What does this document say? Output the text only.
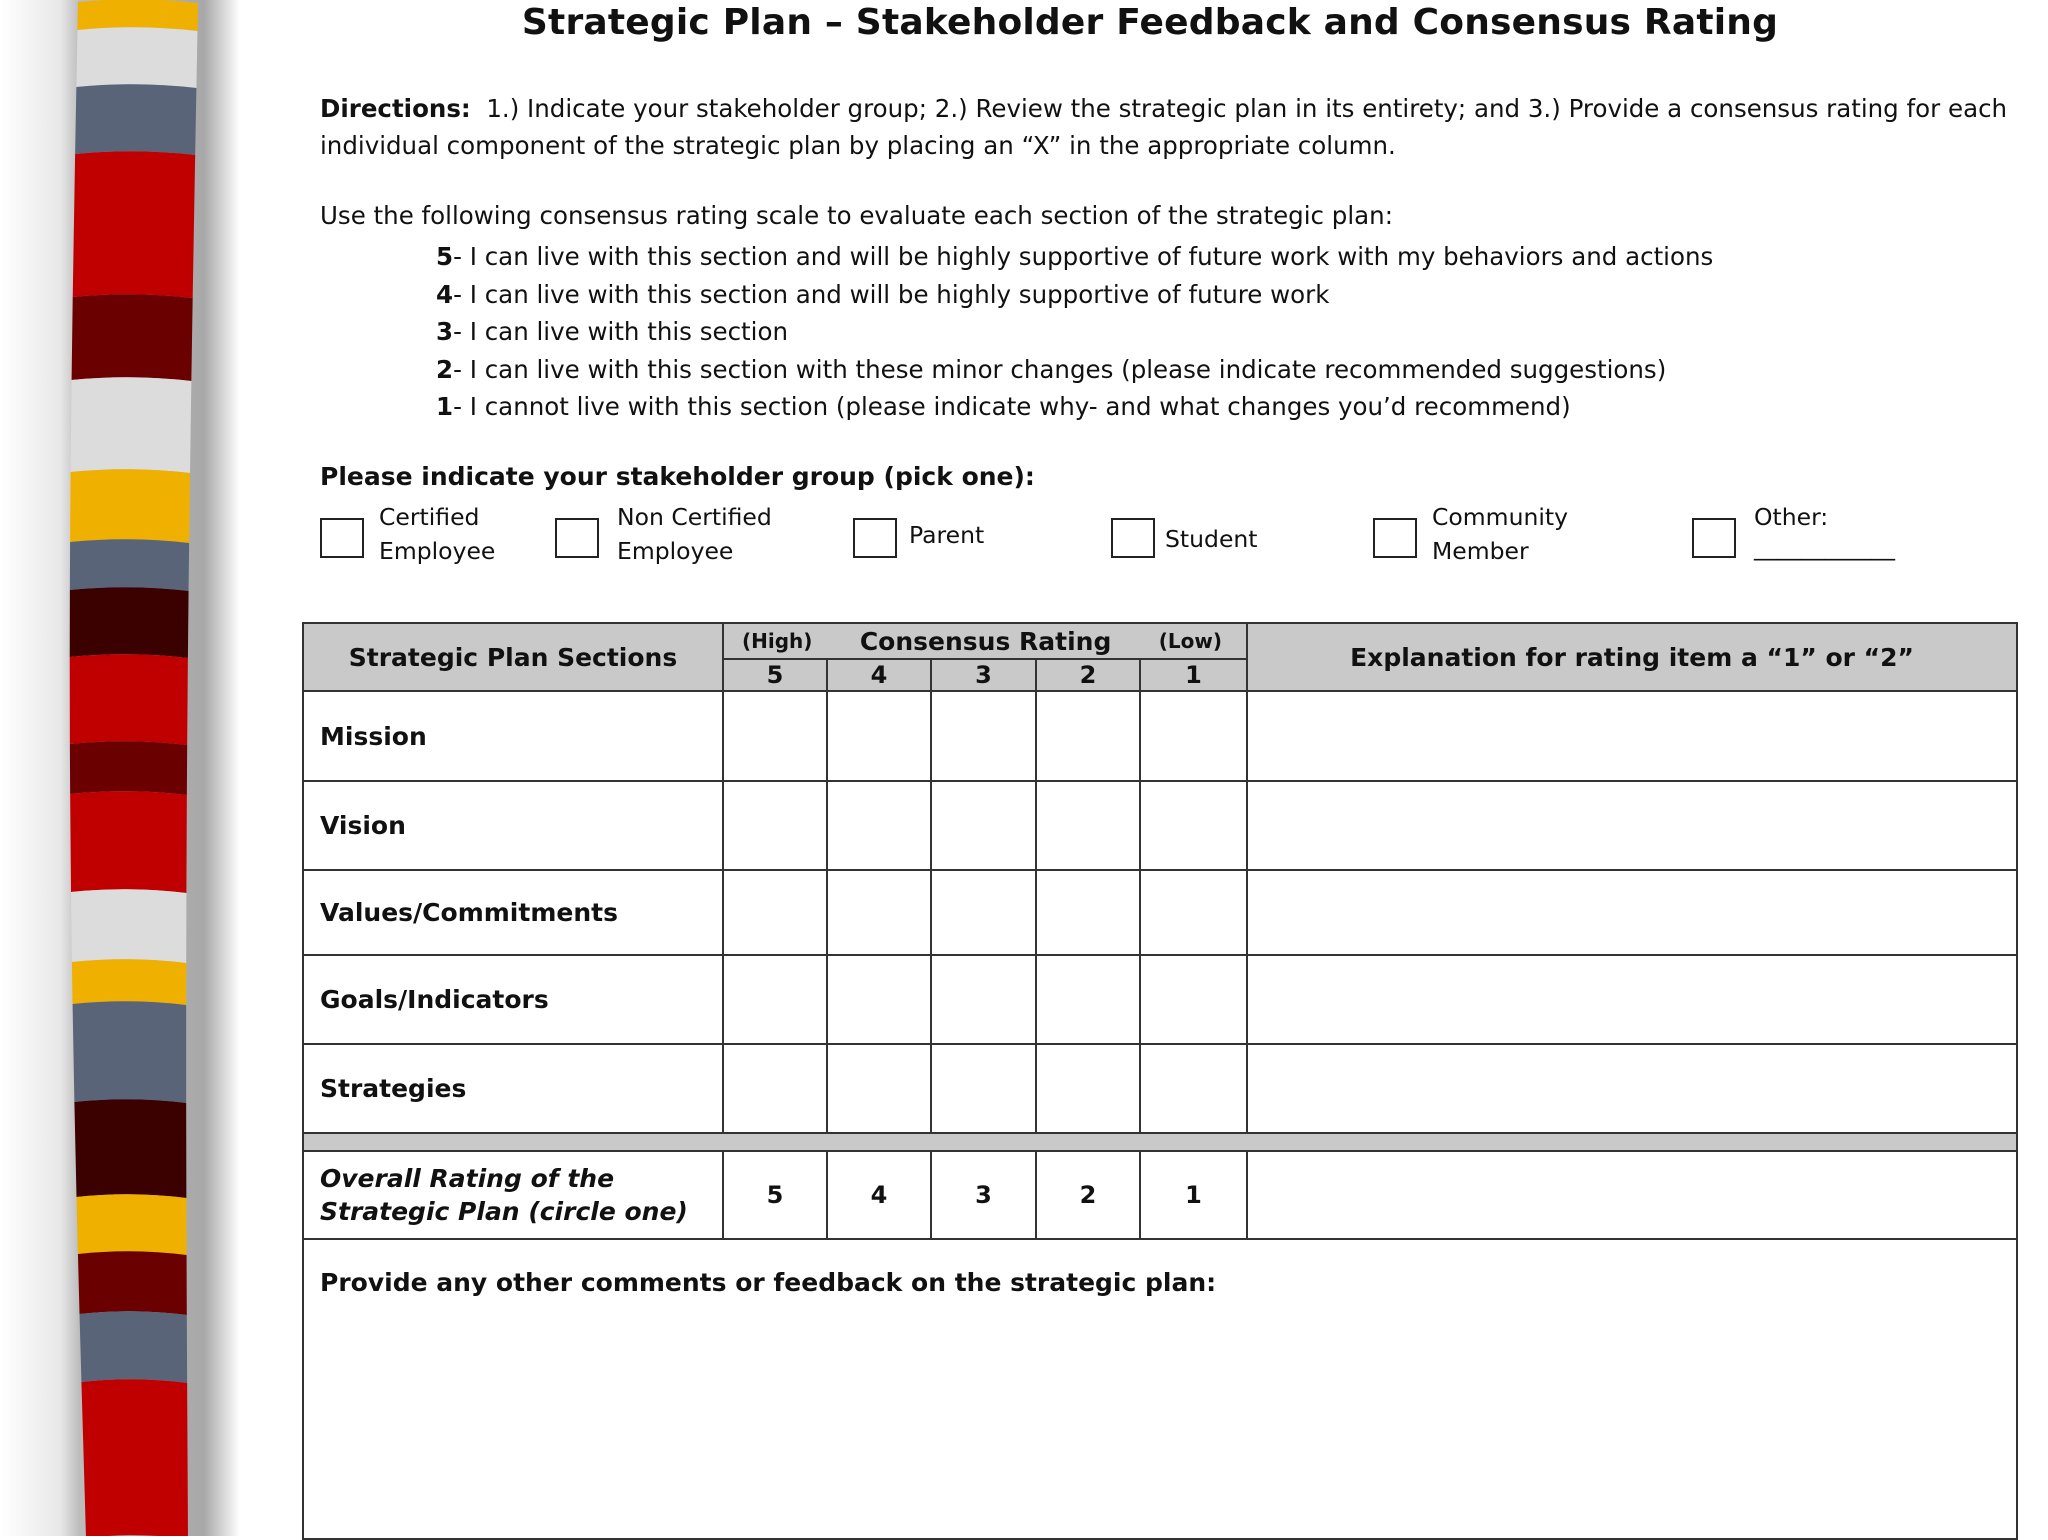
Strategic Plan – Stakeholder Feedback and Consensus Rating
Directions: 1.) Indicate your stakeholder group; 2.) Review the strategic plan in its entirety; and 3.) Provide a consensus rating for each individual component of the strategic plan by placing an “X” in the appropriate column.
Use the following consensus rating scale to evaluate each section of the strategic plan:
5- I can live with this section and will be highly supportive of future work with my behaviors and actions
4- I can live with this section and will be highly supportive of future work
3- I can live with this section
2- I can live with this section with these minor changes (please indicate recommended suggestions)
1- I cannot live with this section (please indicate why- and what changes you’d recommend)
Please indicate your stakeholder group (pick one):
Certified
Employee
Non Certified
Employee
Parent	Student
Community
Member
Other:
____________
Strategic Plan Sections	(High) Consensus Rating (Low)					Explanation for rating item a “1” or “2”
	5	4	3	2	1	
Mission						
Vision						
Values/Commitments						
Goals/Indicators						
Strategies						

Overall Rating of the
Strategic Plan (circle one)	5	4	3	2	1	
Provide any other comments or feedback on the strategic plan:						
